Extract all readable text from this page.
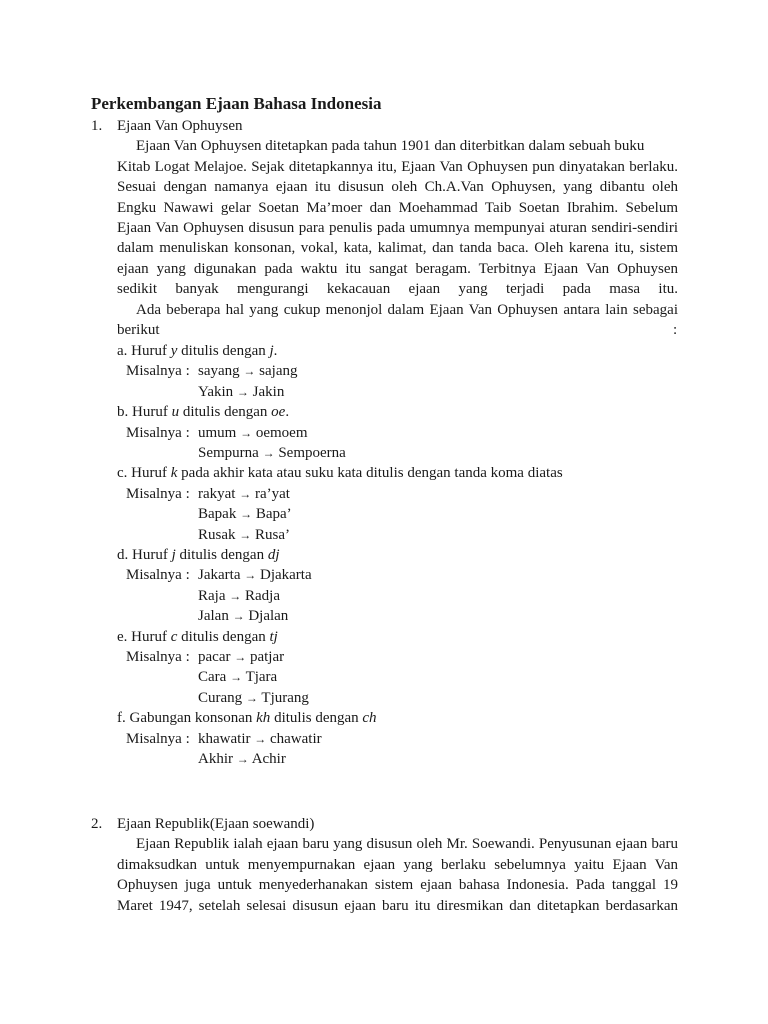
Perkembangan Ejaan Bahasa Indonesia
1. Ejaan Van Ophuysen
Ejaan Van Ophuysen ditetapkan pada tahun 1901 dan diterbitkan dalam sebuah buku
Kitab Logat Melajoe. Sejak ditetapkannya itu, Ejaan Van Ophuysen pun dinyatakan berlaku.
Sesuai dengan namanya ejaan itu disusun oleh Ch.A.Van Ophuysen, yang dibantu oleh
Engku Nawawi gelar Soetan Ma’moer dan Moehammad Taib Soetan Ibrahim. Sebelum
Ejaan Van Ophuysen disusun para penulis pada umumnya mempunyai aturan sendiri-sendiri
dalam menuliskan konsonan, vokal, kata, kalimat, dan tanda baca. Oleh karena itu, sistem
ejaan yang digunakan pada waktu itu sangat beragam. Terbitnya Ejaan Van Ophuysen
sedikit banyak mengurangi kekacauan ejaan yang terjadi pada masa itu.
Ada beberapa hal yang cukup menonjol dalam Ejaan Van Ophuysen antara lain sebagai
berikut	:
a. Huruf y ditulis dengan j.
Misalnya : sayang → sajang
Yakin → Jakin
b. Huruf u ditulis dengan oe.
Misalnya : umum → oemoem
Sempurna → Sempoerna
c. Huruf k pada akhir kata atau suku kata ditulis dengan tanda koma diatas
Misalnya : rakyat → ra’yat
Bapak → Bapa’
Rusak → Rusa’
d. Huruf j ditulis dengan dj
Misalnya : Jakarta → Djakarta
Raja → Radja
Jalan → Djalan
e. Huruf c ditulis dengan tj
Misalnya : pacar → patjar
Cara → Tjara
Curang → Tjurang
f. Gabungan konsonan kh ditulis dengan ch
Misalnya : khawatir → chawatir
Akhir → Achir
2. Ejaan Republik(Ejaan soewandi)
Ejaan Republik ialah ejaan baru yang disusun oleh Mr. Soewandi. Penyusunan ejaan baru
dimaksudkan untuk menyempurnakan ejaan yang berlaku sebelumnya yaitu Ejaan Van
Ophuysen juga untuk menyederhanakan sistem ejaan bahasa Indonesia. Pada tanggal 19
Maret 1947, setelah selesai disusun ejaan baru itu diresmikan dan ditetapkan berdasarkan
